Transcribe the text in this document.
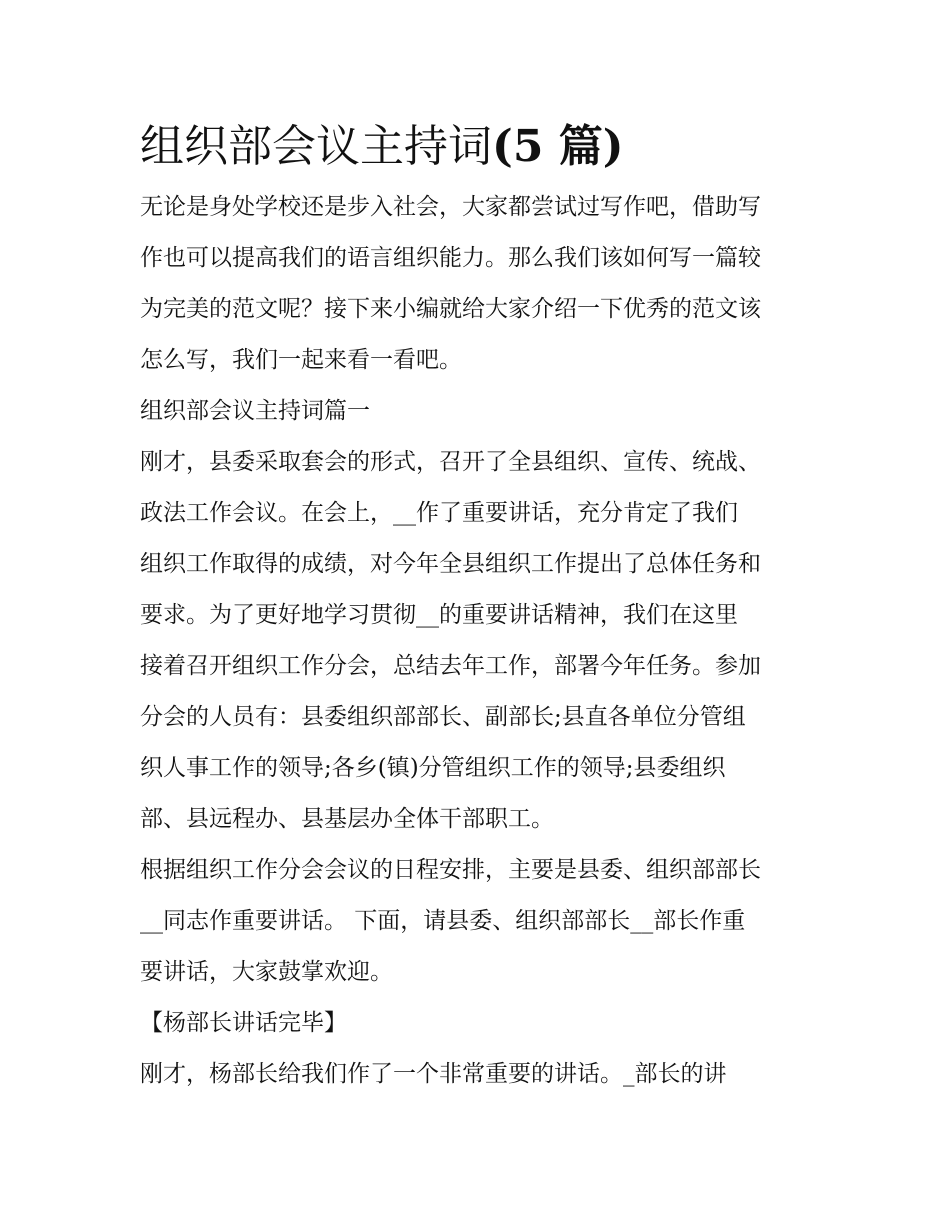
组织部会议主持词(5 篇)

无论是身处学校还是步入社会，大家都尝试过写作吧，借助写
作也可以提高我们的语言组织能力。那么我们该如何写一篇较
为完美的范文呢？接下来小编就给大家介绍一下优秀的范文该
怎么写，我们一起来看一看吧。

组织部会议主持词篇一

刚才，县委采取套会的形式，召开了全县组织、宣传、统战、
政法工作会议。在会上，__作了重要讲话，充分肯定了我们
组织工作取得的成绩，对今年全县组织工作提出了总体任务和
要求。为了更好地学习贯彻__的重要讲话精神，我们在这里
接着召开组织工作分会，总结去年工作，部署今年任务。参加
分会的人员有：县委组织部部长、副部长;县直各单位分管组
织人事工作的领导;各乡(镇)分管组织工作的领导;县委组织
部、县远程办、县基层办全体干部职工。

根据组织工作分会会议的日程安排，主要是县委、组织部部长
__同志作重要讲话。 下面，请县委、组织部部长__部长作重
要讲话，大家鼓掌欢迎。

【杨部长讲话完毕】

刚才，杨部长给我们作了一个非常重要的讲话。_部长的讲
